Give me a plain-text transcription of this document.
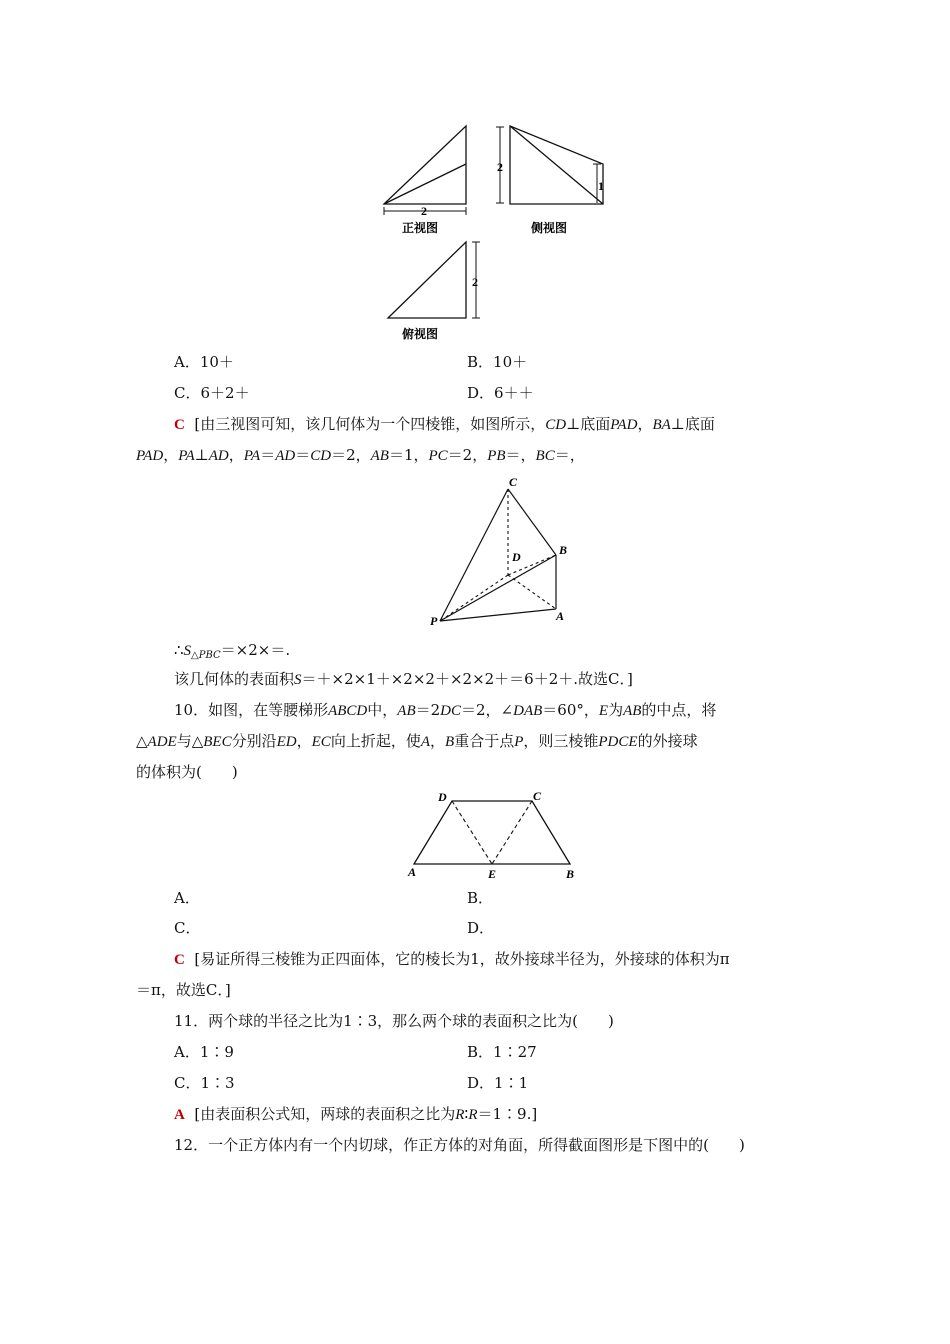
2
正视图
2
1
侧视图
2
俯视图
A．10＋	B．10＋
C．6＋2＋	D．6＋＋
C [由三视图可知，该几何体为一个四棱锥，如图所示，CD⊥底面PAD，BA⊥底面
PAD，PA⊥AD，PA＝AD＝CD＝2，AB＝1，PC＝2，PB＝，BC＝，
C
D	B
P	A
$\therefore S_{\triangle PBC}=\times 2\times=$.
该几何体的表面积S＝＋×2×1＋×2×2＋×2×2＋＝6＋2＋.故选C．]
10．如图，在等腰梯形ABCD中，AB＝2DC＝2，∠DAB＝60°，E为AB的中点，将
△ADE与△BEC分别沿ED，EC向上折起，使A，B重合于点P，则三棱锥PDCE的外接球
的体积为(　　)
D	C
A	E	B
A．	B．
C．	D．
C [易证所得三棱锥为正四面体，它的棱长为1，故外接球半径为，外接球的体积为π
＝π，故选C．]
11．两个球的半径之比为1∶3，那么两个球的表面积之比为(　　)
A．1∶9	B．1∶27
C．1∶3	D．1∶1
A [由表面积公式知，两球的表面积之比为R∶R＝1∶9.]
12．一个正方体内有一个内切球，作正方体的对角面，所得截面图形是下图中的(　　)
